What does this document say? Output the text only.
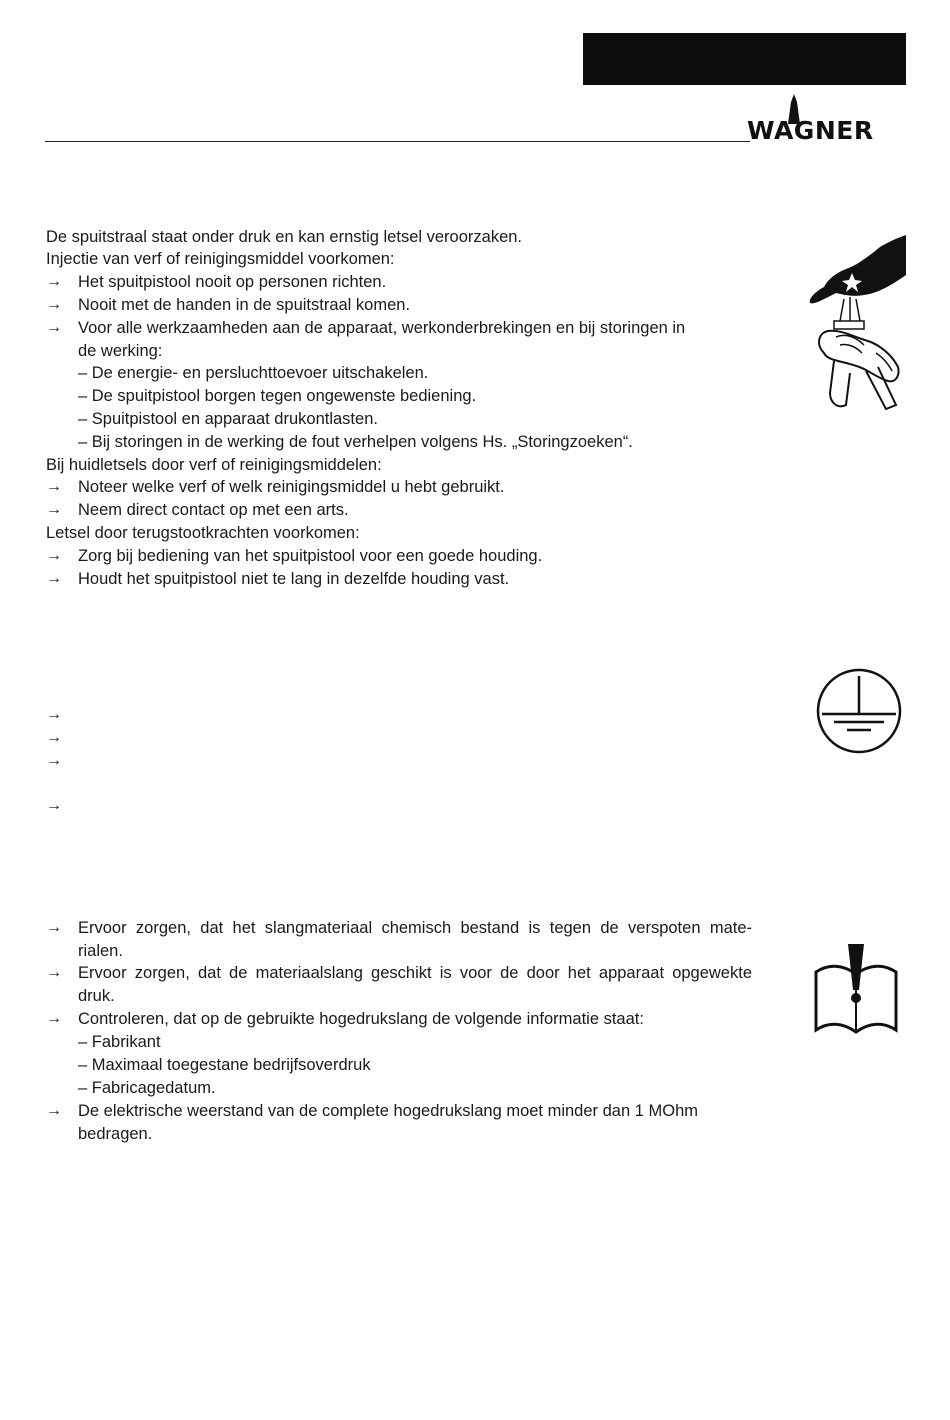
WAGNER
De spuitstraal staat onder druk en kan ernstig letsel veroorzaken.
Injectie van verf of reinigingsmiddel voorkomen:
→ Het spuitpistool nooit op personen richten.
→ Nooit met de handen in de spuitstraal komen.
→ Voor alle werkzaamheden aan de apparaat, werkonderbrekingen en bij storingen in
de werking:
– De energie- en persluchttoevoer uitschakelen.
– De spuitpistool borgen tegen ongewenste bediening.
– Spuitpistool en apparaat drukontlasten.
– Bij storingen in de werking de fout verhelpen volgens Hs. „Storingzoeken“.
Bij huidletsels door verf of reinigingsmiddelen:
→ Noteer welke verf of welk reinigingsmiddel u hebt gebruikt.
→ Neem direct contact op met een arts.
Letsel door terugstootkrachten voorkomen:
→ Zorg bij bediening van het spuitpistool voor een goede houding.
→ Houdt het spuitpistool niet te lang in dezelfde houding vast.
→
→
→
→
→ Ervoor zorgen, dat het slangmateriaal chemisch bestand is tegen de verspoten mate-
rialen.
→ Ervoor zorgen, dat de materiaalslang geschikt is voor de door het apparaat opgewekte
druk.
→ Controleren, dat op de gebruikte hogedrukslang de volgende informatie staat:
– Fabrikant
– Maximaal toegestane bedrijfsoverdruk
– Fabricagedatum.
→ De elektrische weerstand van de complete hogedrukslang moet minder dan 1 MOhm
bedragen.
